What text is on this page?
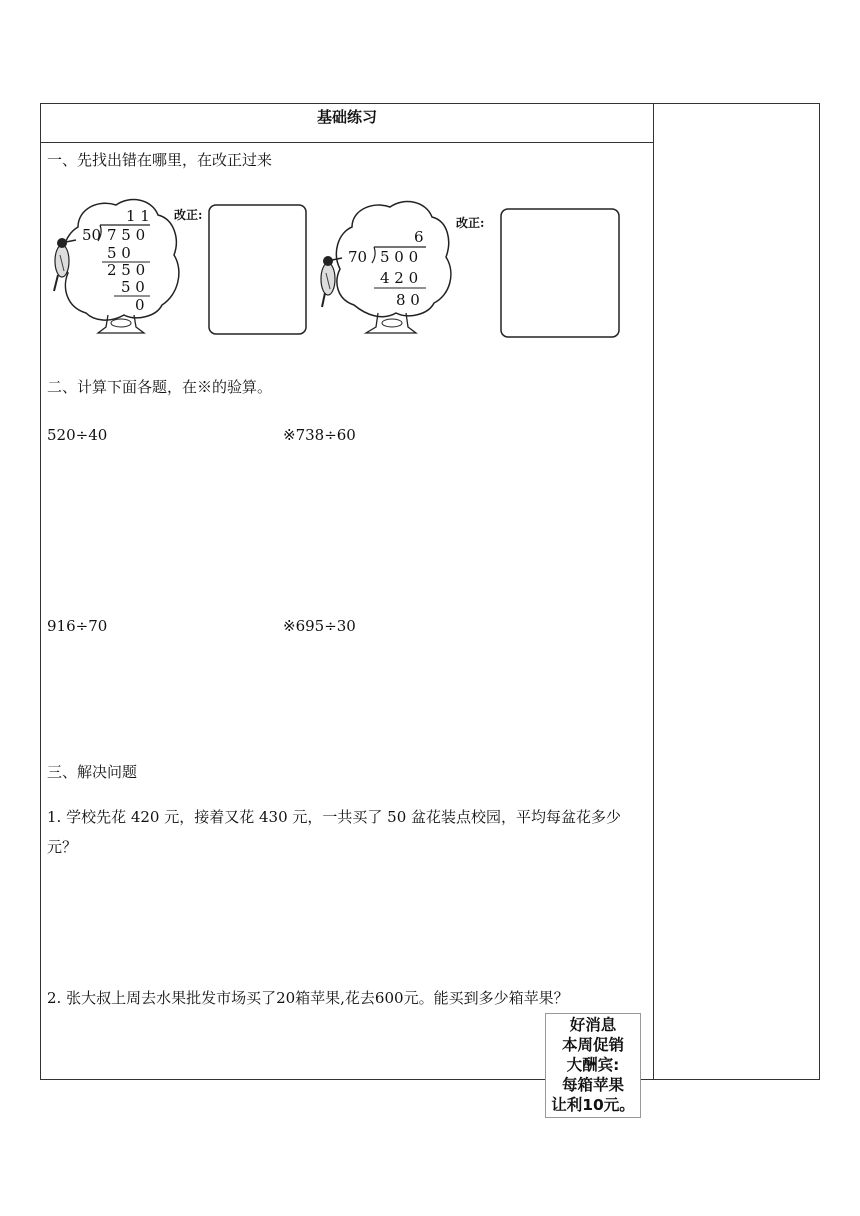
基础练习
一、先找出错在哪里，在改正过来
1 1
50 7 5 0
5 0
2 5 0
5 0
0
改正:
6
70 5 0 0
4 2 0
8 0
改正:
二、计算下面各题，在※的验算。
520÷40	※738÷60
916÷70	※695÷30
三、解决问题
1. 学校先花 420 元，接着又花 430 元，一共买了 50 盆花装点校园，平均每盆花多少元？
2. 张大叔上周去水果批发市场买了20箱苹果,花去600元。能买到多少箱苹果？
好消息
本周促销
大酬宾:
每箱苹果
让利10元。
